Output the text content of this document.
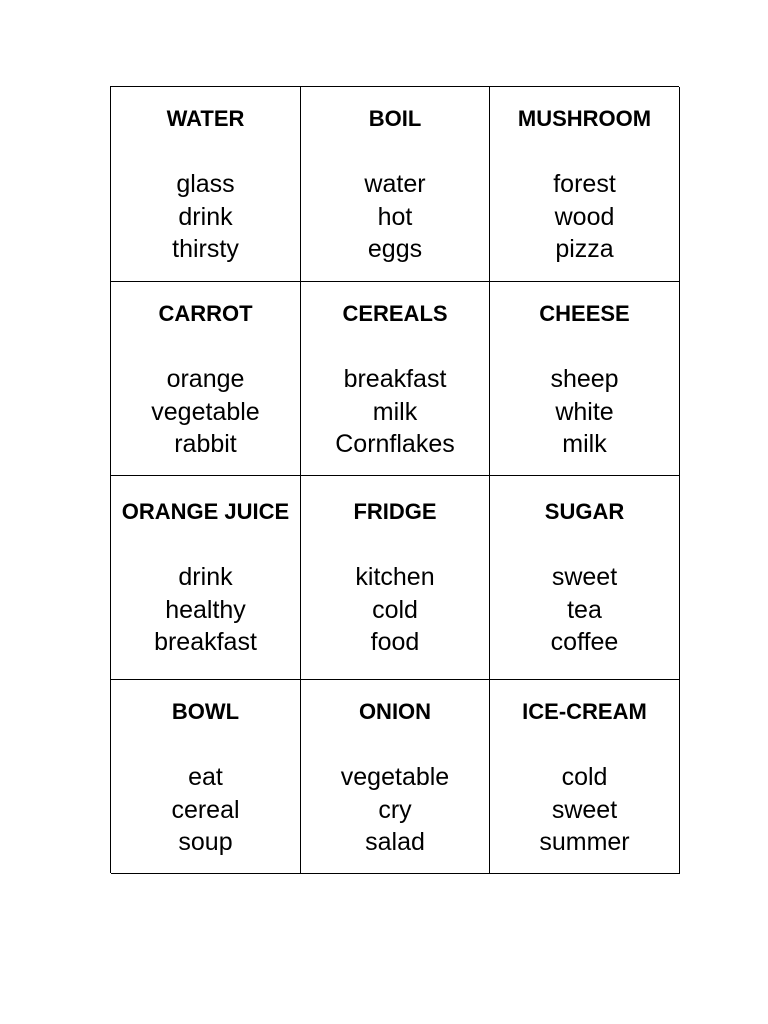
WATER
glass
drink
thirsty
BOIL
water
hot
eggs
MUSHROOM
forest
wood
pizza
CARROT
orange
vegetable
rabbit
CEREALS
breakfast
milk
Cornflakes
CHEESE
sheep
white
milk
ORANGE JUICE
drink
healthy
breakfast
FRIDGE
kitchen
cold
food
SUGAR
sweet
tea
coffee
BOWL
eat
cereal
soup
ONION
vegetable
cry
salad
ICE-CREAM
cold
sweet
summer
